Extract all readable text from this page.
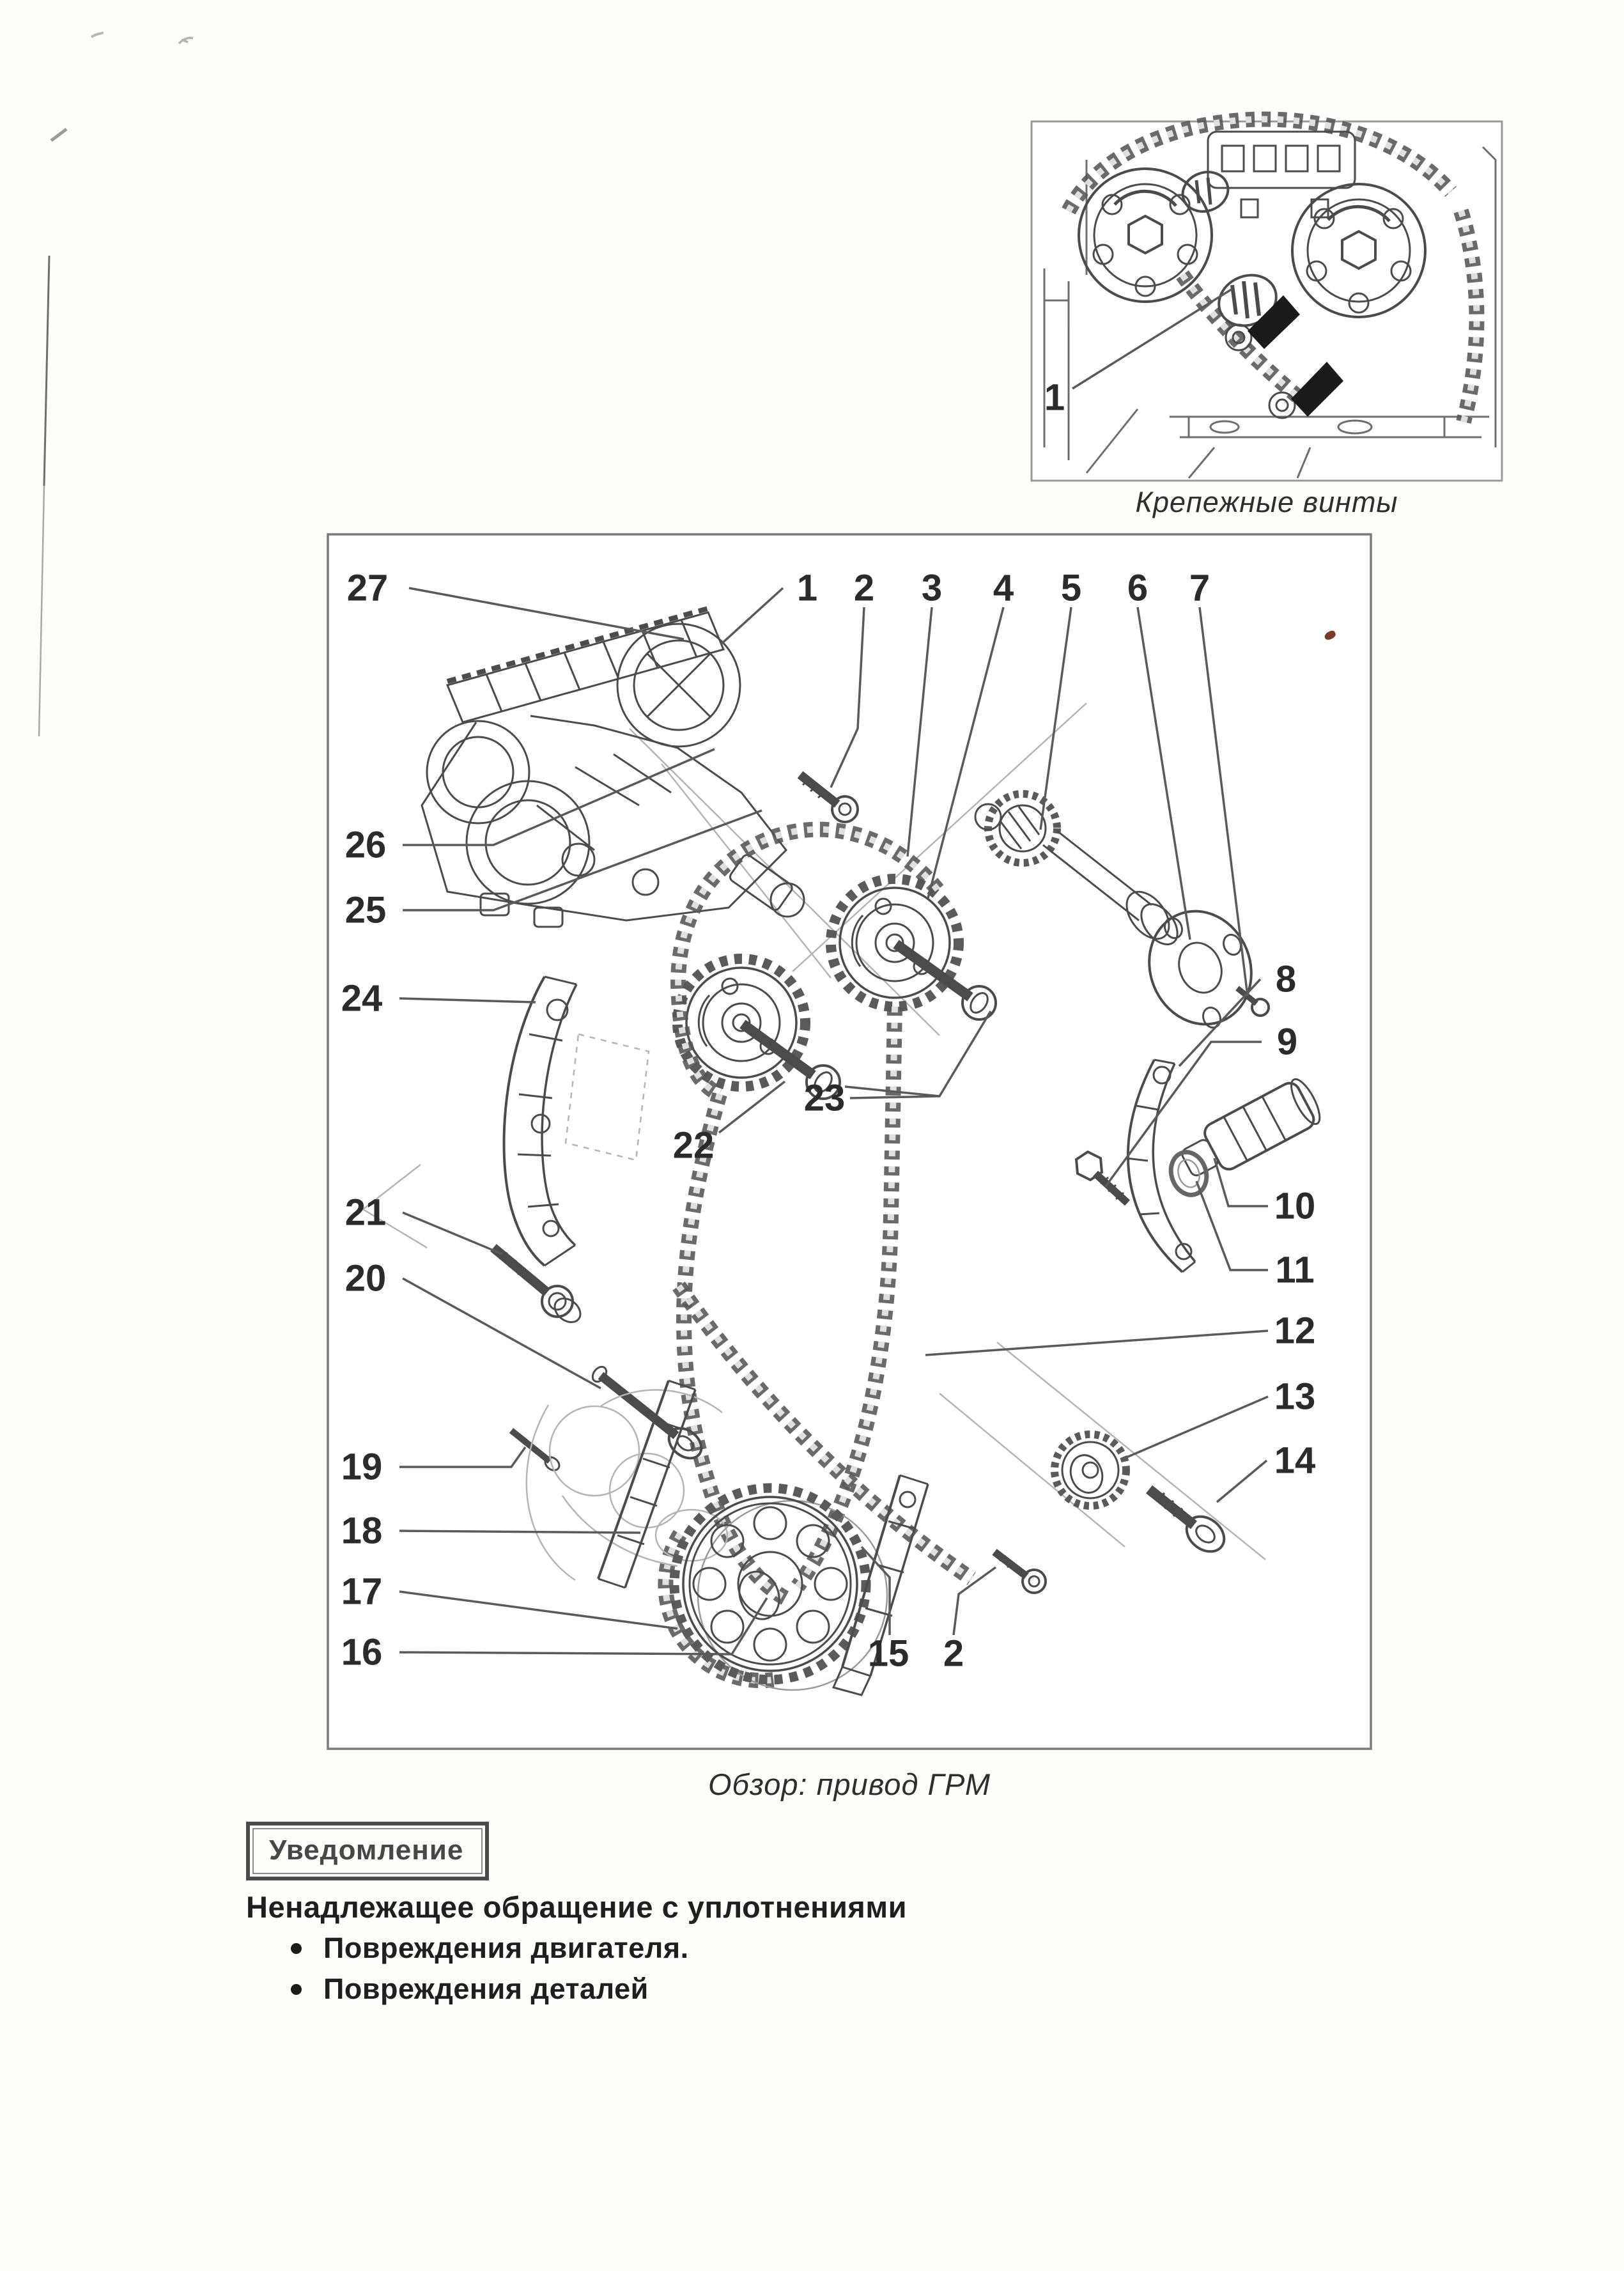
1
27	1 2 3 4 5 6 7
26
25
24
21
20
19
18
17
16
8
9
10
11
12
13
14
23
22
15 2
Крепежные винты
Обзор: привод ГРМ
Уведомление
Ненадлежащее обращение с уплотнениями
Повреждения двигателя.
Повреждения деталей
